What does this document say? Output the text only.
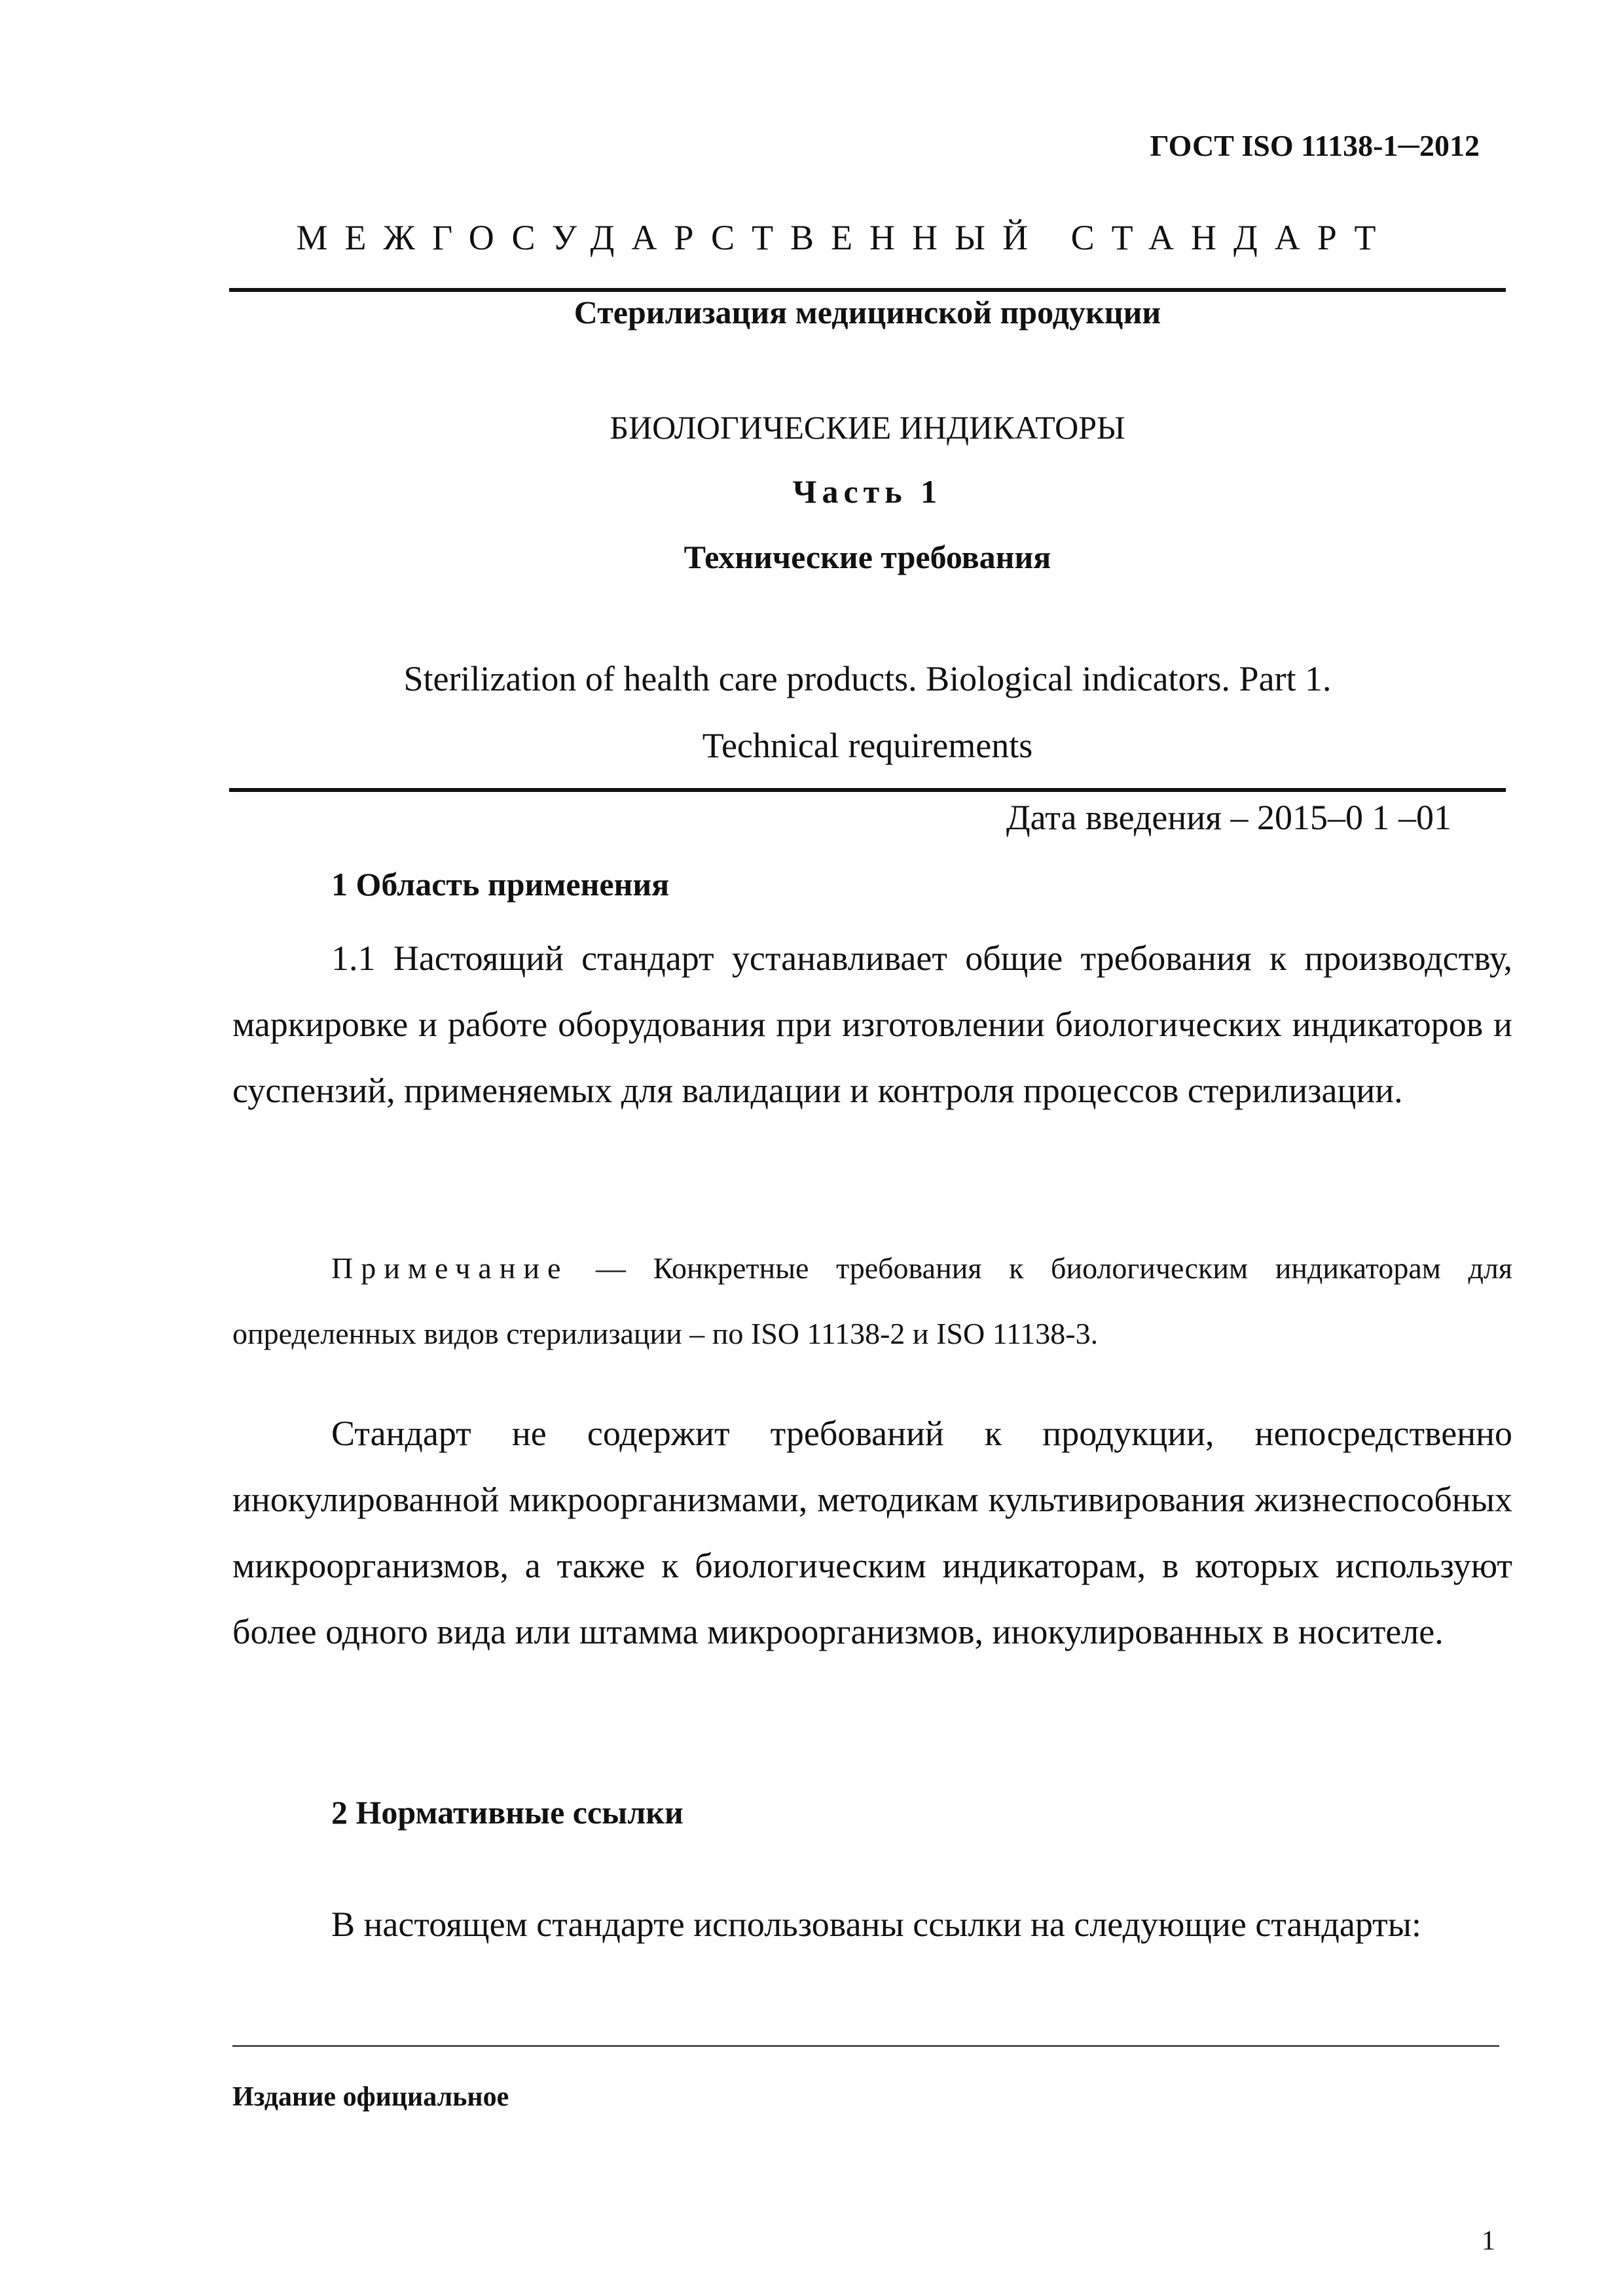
ГОСТ ISO 11138-1─2012
МЕЖГОСУДАРСТВЕННЫЙ СТАНДАРТ
Стерилизация медицинской продукции
БИОЛОГИЧЕСКИЕ ИНДИКАТОРЫ
Часть 1
Технические требования
Sterilization of health care products. Biological indicators. Part 1.
Technical requirements
Дата введения – 2015–0 1 –01
1 Область применения
1.1 Настоящий стандарт устанавливает общие требования к производству, маркировке и работе оборудования при изготовлении биологических индикаторов и суспензий, применяемых для валидации и контроля процессов стерилизации.
Примечание — Конкретные требования к биологическим индикаторам для определенных видов стерилизации – по ISO 11138-2 и ISO 11138-3.
Стандарт не содержит требований к продукции, непосредственно инокулированной микроорганизмами, методикам культивирования жизнеспособных микроорганизмов, а также к биологическим индикаторам, в которых используют более одного вида или штамма микроорганизмов, инокулированных в носителе.
2 Нормативные ссылки
В настоящем стандарте использованы ссылки на следующие стандарты:
Издание официальное
1
